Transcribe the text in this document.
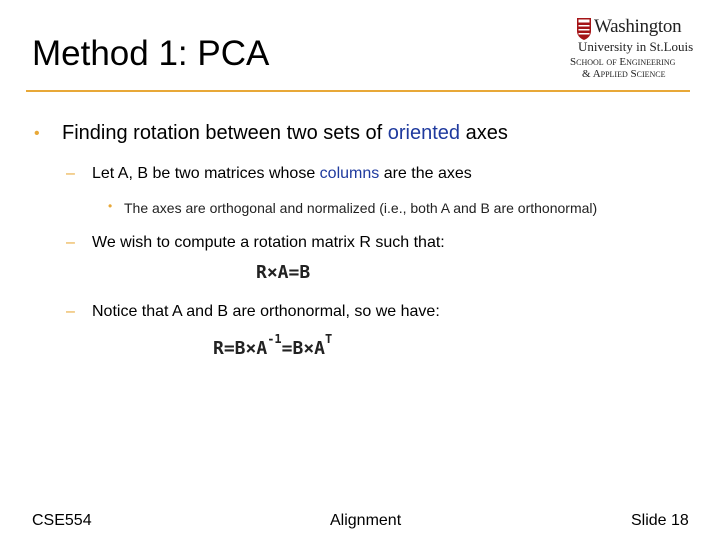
Method 1: PCA
Washington
University in St.Louis
School of Engineering
& Applied Science
• Finding rotation between two sets of oriented axes
– Let A, B be two matrices whose columns are the axes
• The axes are orthogonal and normalized (i.e., both A and B are orthonormal)
– We wish to compute a rotation matrix R such that:
R×A=B
– Notice that A and B are orthonormal, so we have:
$R=B\times A^{-1}=B\times A^T$
CSE554	Alignment	Slide 18
